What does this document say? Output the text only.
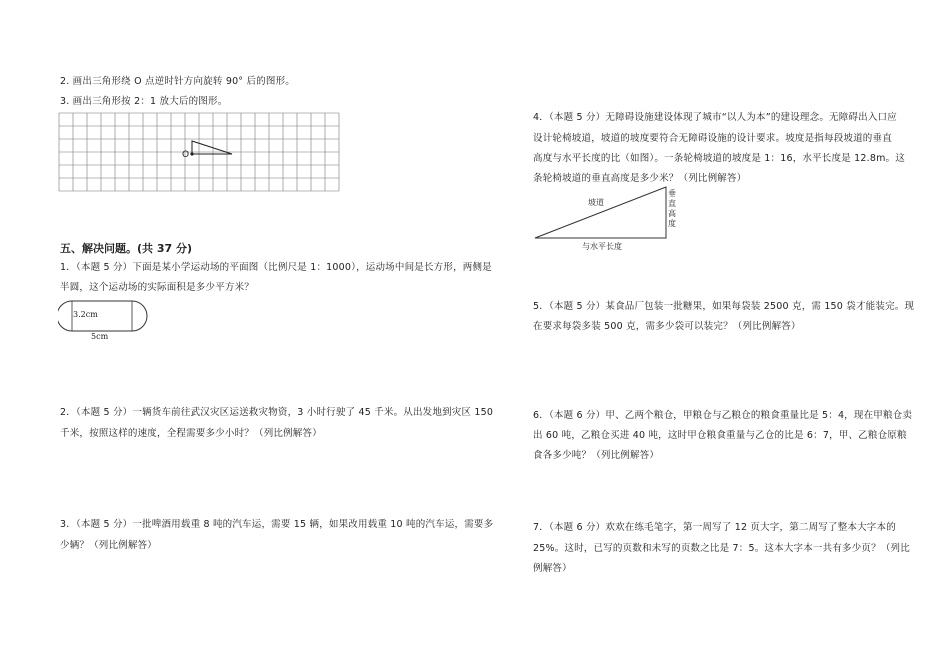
2. 画出三角形绕 O 点逆时针方向旋转 90° 后的图形。
3. 画出三角形按 2：1 放大后的图形。
O
五、解决问题。(共 37 分)
1．（本题 5 分）下面是某小学运动场的平面图（比例尺是 1：1000），运动场中间是长方形，两侧是
半圆，这个运动场的实际面积是多少平方米？
3.2cm
5cm
2．（本题 5 分）一辆货车前往武汉灾区运送救灾物资，3 小时行驶了 45 千米。从出发地到灾区 150
千米，按照这样的速度，全程需要多少小时？（列比例解答）
3．（本题 5 分）一批啤酒用载重 8 吨的汽车运，需要 15 辆，如果改用载重 10 吨的汽车运，需要多
少辆？（列比例解答）
4．（本题 5 分）无障碍设施建设体现了城市“以人为本”的建设理念。无障碍出入口应
设计轮椅坡道，坡道的坡度要符合无障碍设施的设计要求。坡度是指每段坡道的垂直
高度与水平长度的比（如图）。一条轮椅坡道的坡度是 1：16，水平长度是 12.8m。这
条轮椅坡道的垂直高度是多少米？（列比例解答）
坡道
垂
直
高
度
与水平长度
5．（本题 5 分）某食品厂包装一批糖果，如果每袋装 2500 克，需 150 袋才能装完。现
在要求每袋多装 500 克，需多少袋可以装完？（列比例解答）
6．（本题 6 分）甲、乙两个粮仓，甲粮仓与乙粮仓的粮食重量比是 5：4，现在甲粮仓卖
出 60 吨，乙粮仓买进 40 吨，这时甲仓粮食重量与乙仓的比是 6：7，甲、乙粮仓原粮
食各多少吨？（列比例解答）
7．（本题 6 分）欢欢在练毛笔字，第一周写了 12 页大字，第二周写了整本大字本的
25%。这时，已写的页数和未写的页数之比是 7：5。这本大字本一共有多少页？（列比
例解答）
